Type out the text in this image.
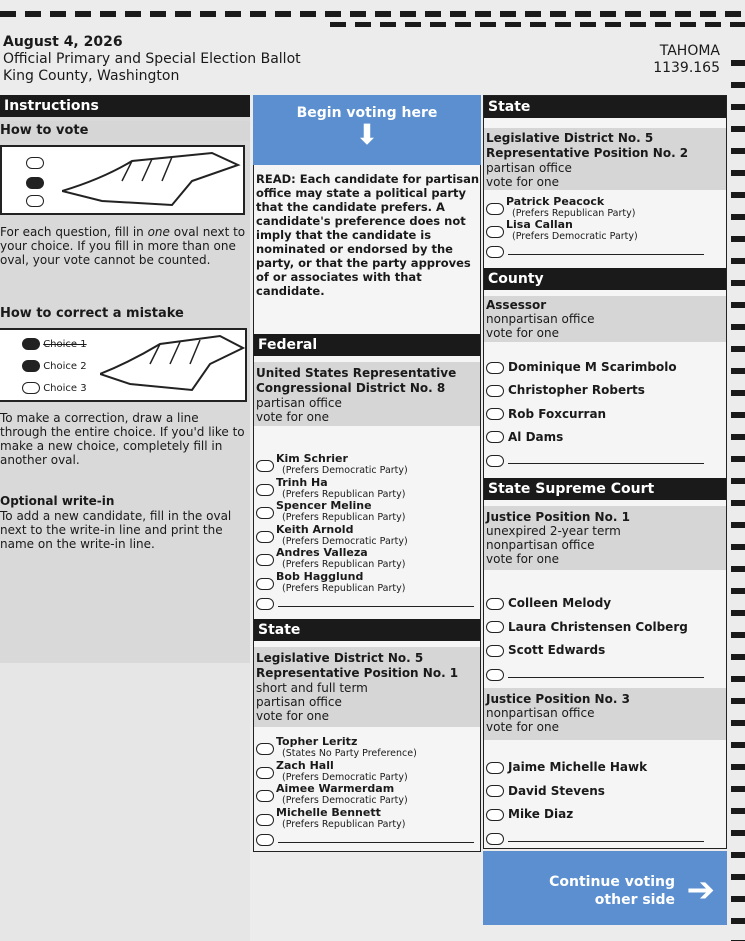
August 4, 2026
Official Primary and Special Election Ballot
King County, Washington
TAHOMA
1139.165
Instructions
How to vote
For each question, fill in one oval next to your choice. If you fill in more than one oval, your vote cannot be counted.
How to correct a mistake
Choice 1
Choice 2
Choice 3
To make a correction, draw a line through the entire choice. If you'd like to make a new choice, completely fill in another oval.
Optional write-in
To add a new candidate, fill in the oval next to the write-in line and print the name on the write-in line.
READ: Each candidate for partisan office may state a political party that the candidate prefers. A candidate's preference does not imply that the candidate is nominated or endorsed by the party, or that the party approves of or associates with that candidate.
Federal
United States Representative
Congressional District No. 8
partisan office
vote for one
Kim Schrier
(Prefers Democratic Party)
Trinh Ha
(Prefers Republican Party)
Spencer Meline
(Prefers Republican Party)
Keith Arnold
(Prefers Democratic Party)
Andres Valleza
(Prefers Republican Party)
Bob Hagglund
(Prefers Republican Party)
State
Legislative District No. 5
Representative Position No. 1
short and full term
partisan office
vote for one
Topher Leritz
(States No Party Preference)
Zach Hall
(Prefers Democratic Party)
Aimee Warmerdam
(Prefers Democratic Party)
Michelle Bennett
(Prefers Republican Party)
Begin voting here
⬇
State
Legislative District No. 5
Representative Position No. 2
partisan office
vote for one
Patrick Peacock
(Prefers Republican Party)
Lisa Callan
(Prefers Democratic Party)
County
Assessor
nonpartisan office
vote for one
Dominique M Scarimbolo
Christopher Roberts
Rob Foxcurran
Al Dams
State Supreme Court
Justice Position No. 1
unexpired 2-year term
nonpartisan office
vote for one
Colleen Melody
Laura Christensen Colberg
Scott Edwards
Justice Position No. 3
nonpartisan office
vote for one
Jaime Michelle Hawk
David Stevens
Mike Diaz
Continue voting
other side ➔
